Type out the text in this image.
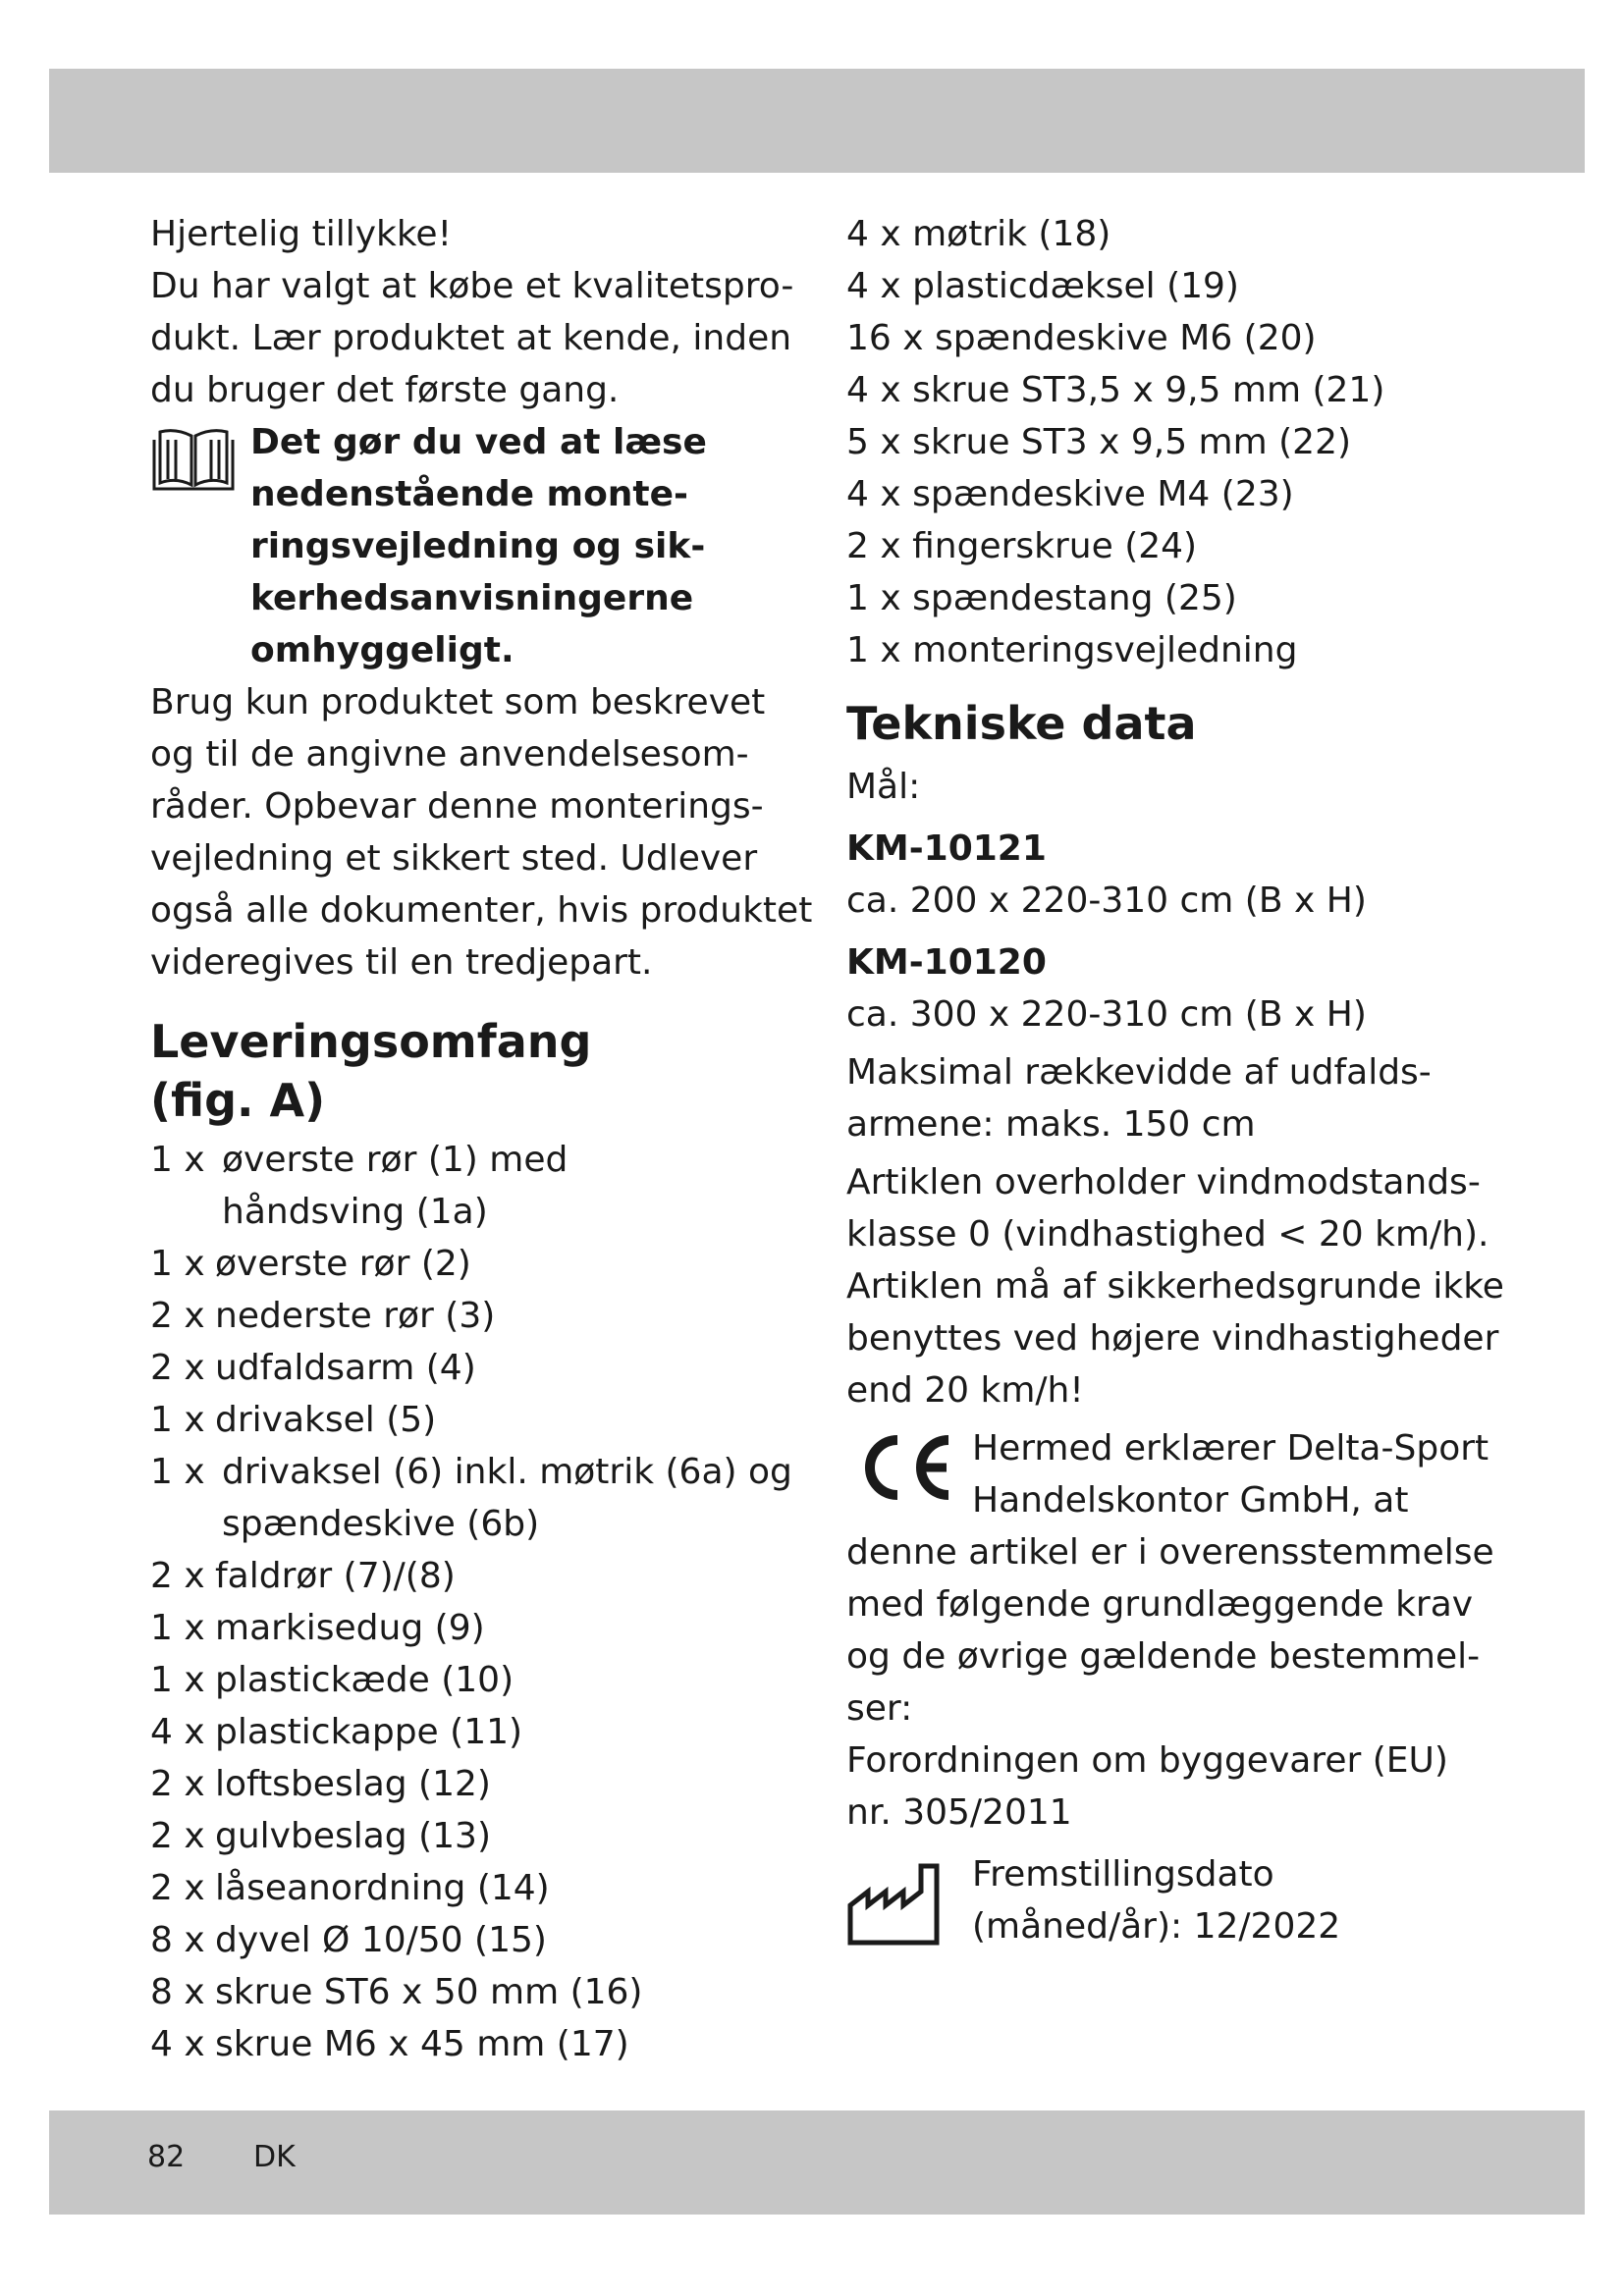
Hjertelig tillykke!
Du har valgt at købe et kvalitetspro-
dukt. Lær produktet at kende, inden
du bruger det første gang.
Det gør du ved at læse
nedenstående monte-
ringsvejledning og sik-
kerhedsanvisningerne
omhyggeligt.
Brug kun produktet som beskrevet
og til de angivne anvendelsesom-
råder. Opbevar denne monterings-
vejledning et sikkert sted. Udlever
også alle dokumenter, hvis produktet
videregives til en tredjepart.
Leveringsomfang
(fig. A)
1 x øverste rør (1) med
håndsving (1a)
1 x øverste rør (2)
2 x nederste rør (3)
2 x udfaldsarm (4)
1 x drivaksel (5)
1 x drivaksel (6) inkl. møtrik (6a) og
spændeskive (6b)
2 x faldrør (7)/(8)
1 x markisedug (9)
1 x plastickæde (10)
4 x plastickappe (11)
2 x loftsbeslag (12)
2 x gulvbeslag (13)
2 x låseanordning (14)
8 x dyvel Ø 10/50 (15)
8 x skrue ST6 x 50 mm (16)
4 x skrue M6 x 45 mm (17)
4 x møtrik (18)
4 x plasticdæksel (19)
16 x spændeskive M6 (20)
4 x skrue ST3,5 x 9,5 mm (21)
5 x skrue ST3 x 9,5 mm (22)
4 x spændeskive M4 (23)
2 x fingerskrue (24)
1 x spændestang (25)
1 x monteringsvejledning
Tekniske data
Mål:
KM-10121
ca. 200 x 220-310 cm (B x H)
KM-10120
ca. 300 x 220-310 cm (B x H)
Maksimal rækkevidde af udfalds-
armene: maks. 150 cm
Artiklen overholder vindmodstands-
klasse 0 (vindhastighed < 20 km/h).
Artiklen må af sikkerhedsgrunde ikke
benyttes ved højere vindhastigheder
end 20 km/h!
Hermed erklærer Delta-Sport
Handelskontor GmbH, at
denne artikel er i overensstemmelse
med følgende grundlæggende krav
og de øvrige gældende bestemmel-
ser:
Forordningen om byggevarer (EU)
nr. 305/2011
Fremstillingsdato
(måned/år): 12/2022
82 DK
